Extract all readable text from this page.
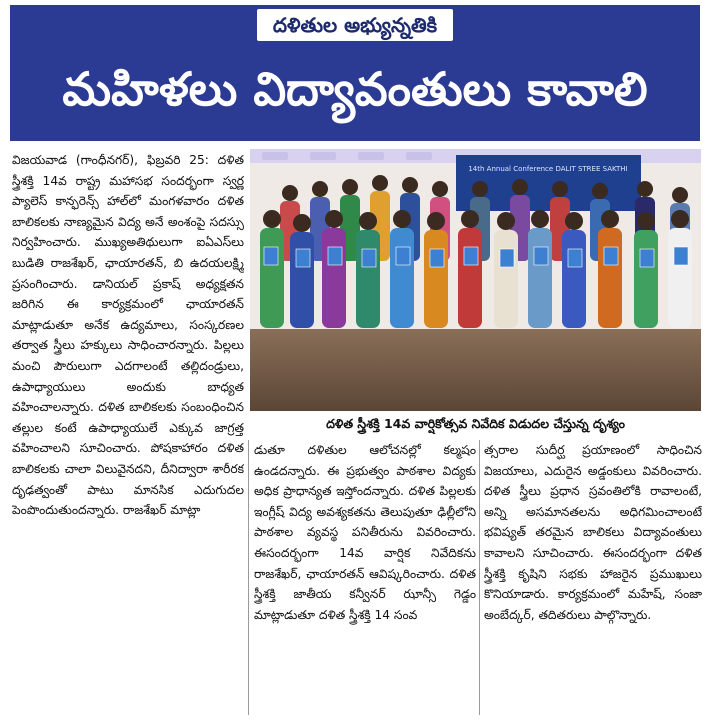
దళితుల అభ్యున్నతికి
మహిళలు విద్యావంతులు కావాలి
విజయవాడ (గాంధీనగర్), ఫిబ్రవరి 25: దళిత స్త్రీశక్తి 14వ రాష్ట్ర మహాసభ సందర్భంగా స్వర్ణ ప్యాలెస్ కాన్ఫరెన్స్ హాల్‌లో మంగళవారం దళిత బాలికలకు నాణ్యమైన విద్య అనే అంశంపై సదస్సు నిర్వహించారు. ముఖ్యఅతిథులుగా ఐఏఎస్‌లు బుడితి రాజశేఖర్, ఛాయారతన్, బి ఉదయలక్ష్మి ప్రసంగించారు. డానియల్ ప్రకాష్ అధ్యక్షతన జరిగిన ఈ కార్యక్రమంలో ఛాయారతన్ మాట్లాడుతూ అనేక ఉద్యమాలు, సంస్కరణల తర్వాత స్త్రీలు హక్కులు సాధించారన్నారు. పిల్లలు మంచి పౌరులుగా ఎదగాలంటే తల్లిదండ్రులు, ఉపాధ్యాయులు అందుకు బాధ్యత వహించాలన్నారు. దళిత బాలికలకు సంబంధించిన తల్లుల కంటే ఉపాధ్యాయులే ఎక్కువ జాగ్రత్త వహించాలని సూచించారు. పోషకాహారం దళిత బాలికలకు చాలా విలువైనదని, దీనిద్వారా శారీరక దృఢత్వంతో పాటు మానసిక ఎదుగుదల పెంపొందుతుందన్నారు. రాజశేఖర్ మాట్లా
14th Annual Conference DALIT STREE SAKTHI
దళిత స్త్రీశక్తి 14వ వార్షికోత్సవ నివేదిక విడుదల చేస్తున్న దృశ్యం
డుతూ దళితుల ఆలోచనల్లో కల్మషం ఉండదన్నారు. ఈ ప్రభుత్వం పాఠశాల విద్యకు అధిక ప్రాధాన్యత ఇస్తోందన్నారు. దళిత పిల్లలకు ఇంగ్లీష్ విద్య అవశ్యకతను తెలుపుతూ ఢిల్లీలోని పాఠశాల వ్యవస్థ పనితీరును వివరించారు. ఈసందర్భంగా 14వ వార్షిక నివేదికను రాజశేఖర్, ఛాయారతన్ ఆవిష్కరించారు. దళిత స్త్రీశక్తి జాతీయ కన్వీనర్ ఝాన్సీ గెడ్డం మాట్లాడుతూ దళిత స్త్రీశక్తి 14 సంవ
త్సరాల సుదీర్ఘ ప్రయాణంలో సాధించిన విజయాలు, ఎదురైన అడ్డంకులు వివరించారు. దళిత స్త్రీలు ప్రధాన స్రవంతిలోకి రావాలంటే, అన్ని అసమానతలను అధిగమించాలంటే భవిష్యత్ తరమైన బాలికలు విద్యావంతులు కావాలని సూచించారు. ఈసందర్భంగా దళిత స్త్రీశక్తి కృషిని సభకు హాజరైన ప్రముఖులు కొనియాడారు. కార్యక్రమంలో మహేష్, సంజా అంబేద్కర్, తదితరులు పాల్గొన్నారు.
